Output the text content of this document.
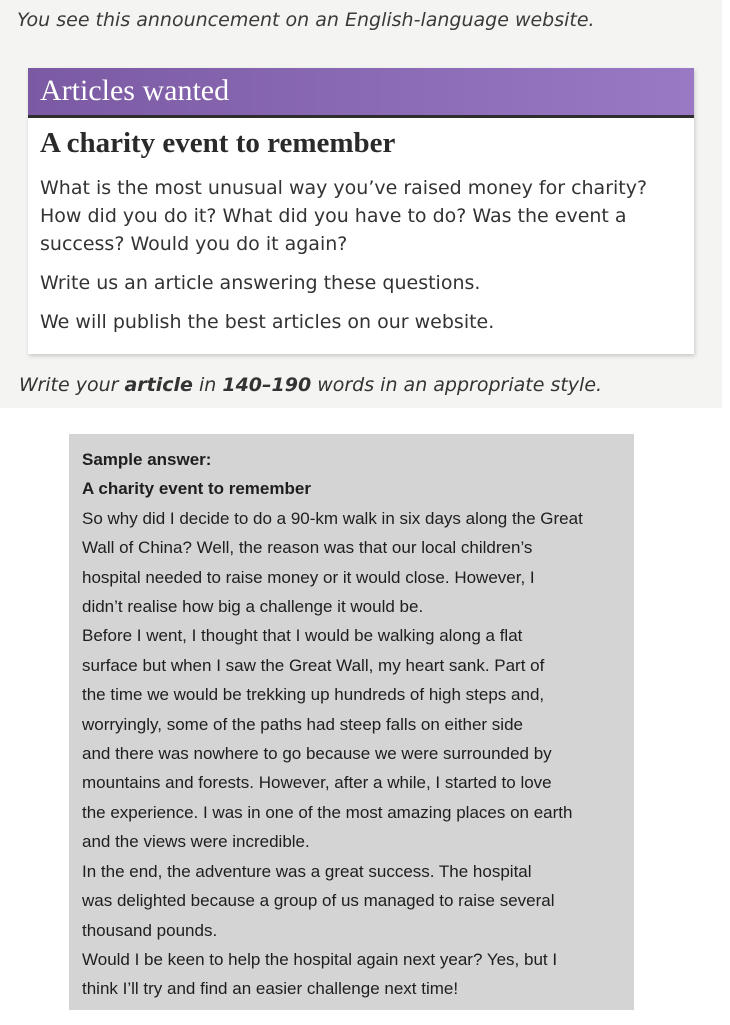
You see this announcement on an English-language website.
Articles wanted
A charity event to remember

What is the most unusual way you’ve raised money for charity? How did you do it? What did you have to do? Was the event a success? Would you do it again?

Write us an article answering these questions.

We will publish the best articles on our website.

Write your article in 140–190 words in an appropriate style.
Sample answer:
A charity event to remember
So why did I decide to do a 90-km walk in six days along the Great
Wall of China? Well, the reason was that our local children’s
hospital needed to raise money or it would close. However, I
didn’t realise how big a challenge it would be.
Before I went, I thought that I would be walking along a flat
surface but when I saw the Great Wall, my heart sank. Part of
the time we would be trekking up hundreds of high steps and,
worryingly, some of the paths had steep falls on either side
and there was nowhere to go because we were surrounded by
mountains and forests. However, after a while, I started to love
the experience. I was in one of the most amazing places on earth
and the views were incredible.
In the end, the adventure was a great success. The hospital
was delighted because a group of us managed to raise several
thousand pounds.
Would I be keen to help the hospital again next year? Yes, but I
think I’ll try and find an easier challenge next time!
